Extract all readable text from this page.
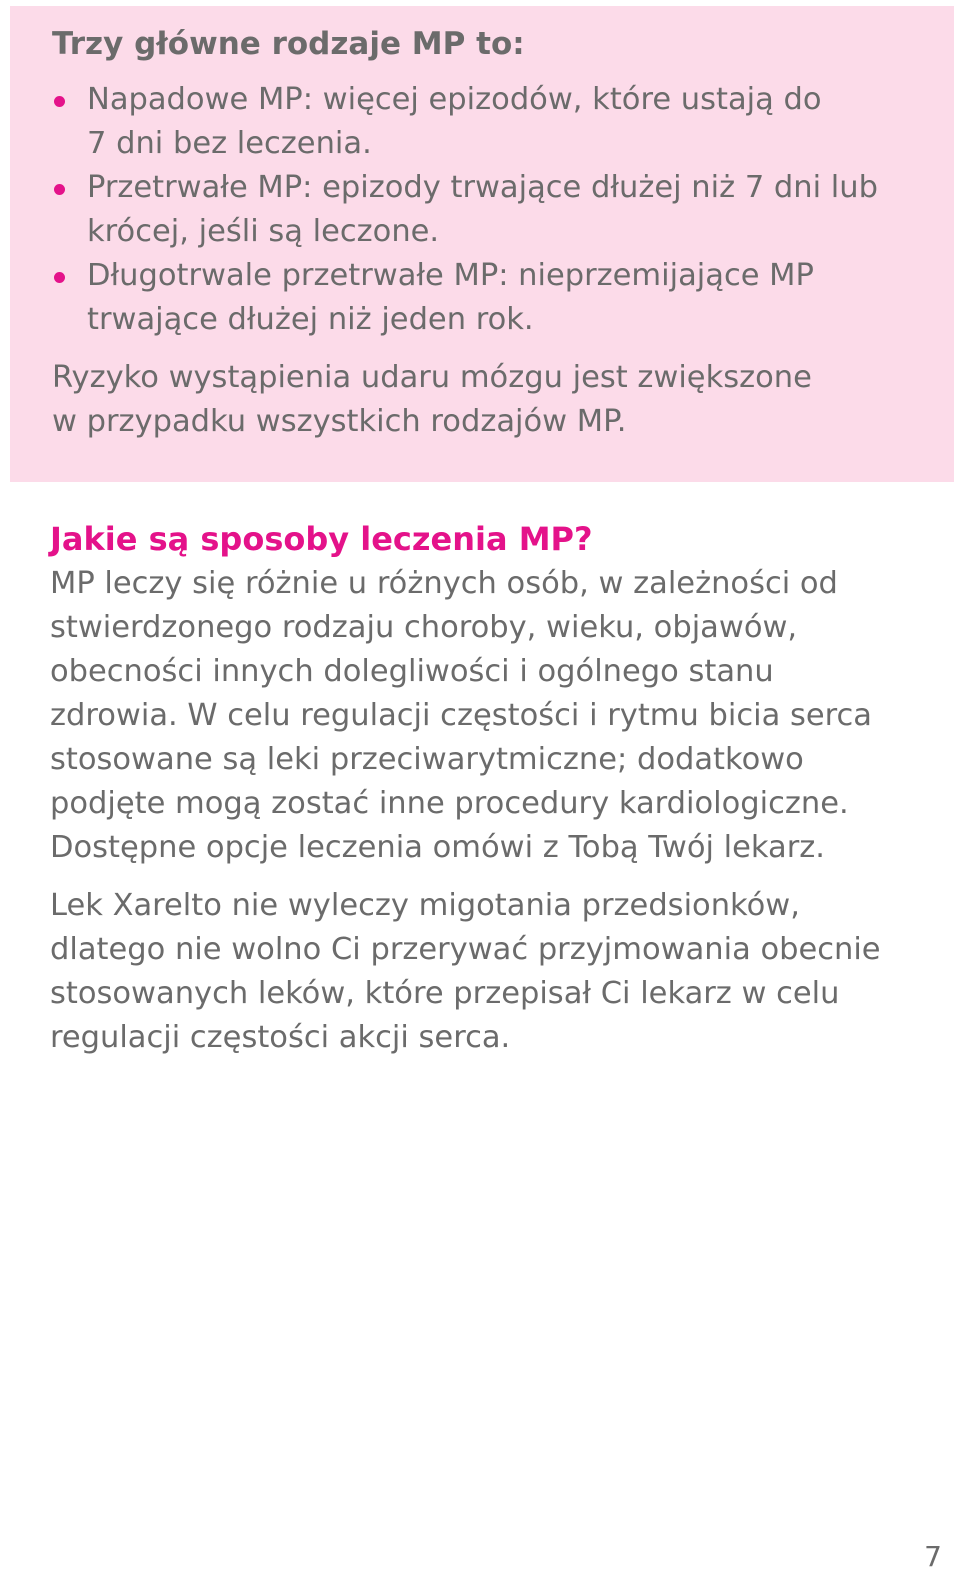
Trzy główne rodzaje MP to:
Napadowe MP: więcej epizodów, które ustają do
7 dni bez leczenia.
Przetrwałe MP: epizody trwające dłużej niż 7 dni lub
krócej, jeśli są leczone.
Długotrwale przetrwałe MP: nieprzemijające MP
trwające dłużej niż jeden rok.

Ryzyko wystąpienia udaru mózgu jest zwiększone
w przypadku wszystkich rodzajów MP.

Jakie są sposoby leczenia MP?

MP leczy się różnie u różnych osób, w zależności od
stwierdzonego rodzaju choroby, wieku, objawów,
obecności innych dolegliwości i ogólnego stanu
zdrowia. W celu regulacji częstości i rytmu bicia serca
stosowane są leki przeciwarytmiczne; dodatkowo
podjęte mogą zostać inne procedury kardiologiczne.
Dostępne opcje leczenia omówi z Tobą Twój lekarz.

Lek Xarelto nie wyleczy migotania przedsionków,
dlatego nie wolno Ci przerywać przyjmowania obecnie
stosowanych leków, które przepisał Ci lekarz w celu
regulacji częstości akcji serca.

7
